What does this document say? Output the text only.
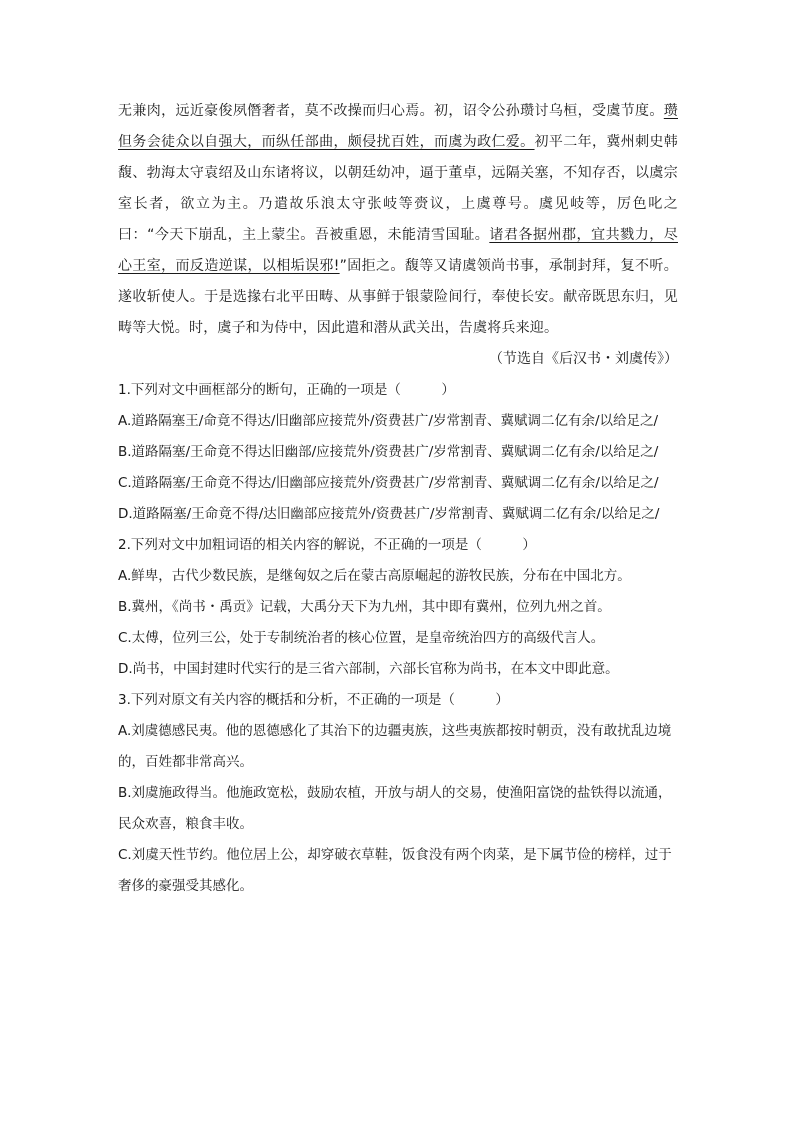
无兼肉，远近豪俊夙僭奢者，莫不改操而归心焉。初，诏令公孙瓒讨乌桓，受虞节度。瓒但务会徒众以自强大，而纵任部曲，颇侵扰百姓，而虞为政仁爱。初平二年，冀州刺史韩馥、勃海太守袁绍及山东诸将议，以朝廷幼冲，逼于董卓，远隔关塞，不知存否，以虞宗室长者，欲立为主。乃遣故乐浪太守张岐等赍议，上虞尊号。虞见岐等，厉色叱之曰：“今天下崩乱，主上蒙尘。吾被重恩，未能清雪国耻。诸君各据州郡，宜共戮力，尽心王室，而反造逆谋，以相垢误邪!”固拒之。馥等又请虞领尚书事，承制封拜，复不听。遂收斩使人。于是选掾右北平田畴、从事鲜于银蒙险间行，奉使长安。献帝既思东归，见畴等大悦。时，虞子和为侍中，因此遣和潜从武关出，告虞将兵来迎。

（节选自《后汉书・刘虞传》）

1.下列对文中画框部分的断句，正确的一项是（　　　）

A.道路隔塞王/命竟不得达/旧幽部应接荒外/资费甚广/岁常割青、冀赋调二亿有余/以给足之/

B.道路隔塞/王命竟不得达旧幽部/应接荒外/资费甚广/岁常割青、冀赋调二亿有余/以给足之/

C.道路隔塞/王命竟不得达/旧幽部应接荒外/资费甚广/岁常割青、冀赋调二亿有余/以给足之/

D.道路隔塞/王命竟不得/达旧幽部应接荒外/资费甚广/岁常割青、冀赋调二亿有余/以给足之/

2.下列对文中加粗词语的相关内容的解说，不正确的一项是（　　　）

A.鲜卑，古代少数民族，是继匈奴之后在蒙古高原崛起的游牧民族，分布在中国北方。

B.冀州，《尚书・禹贡》记载，大禹分天下为九州，其中即有冀州，位列九州之首。

C.太傅，位列三公，处于专制统治者的核心位置，是皇帝统治四方的高级代言人。

D.尚书，中国封建时代实行的是三省六部制，六部长官称为尚书，在本文中即此意。

3.下列对原文有关内容的概括和分析，不正确的一项是（　　　）

A.刘虞德感民夷。他的恩德感化了其治下的边疆夷族，这些夷族都按时朝贡，没有敢扰乱边境的，百姓都非常高兴。

B.刘虞施政得当。他施政宽松，鼓励农植，开放与胡人的交易，使渔阳富饶的盐铁得以流通，民众欢喜，粮食丰收。

C.刘虞天性节约。他位居上公，却穿破衣草鞋，饭食没有两个肉菜，是下属节俭的榜样，过于奢侈的豪强受其感化。
